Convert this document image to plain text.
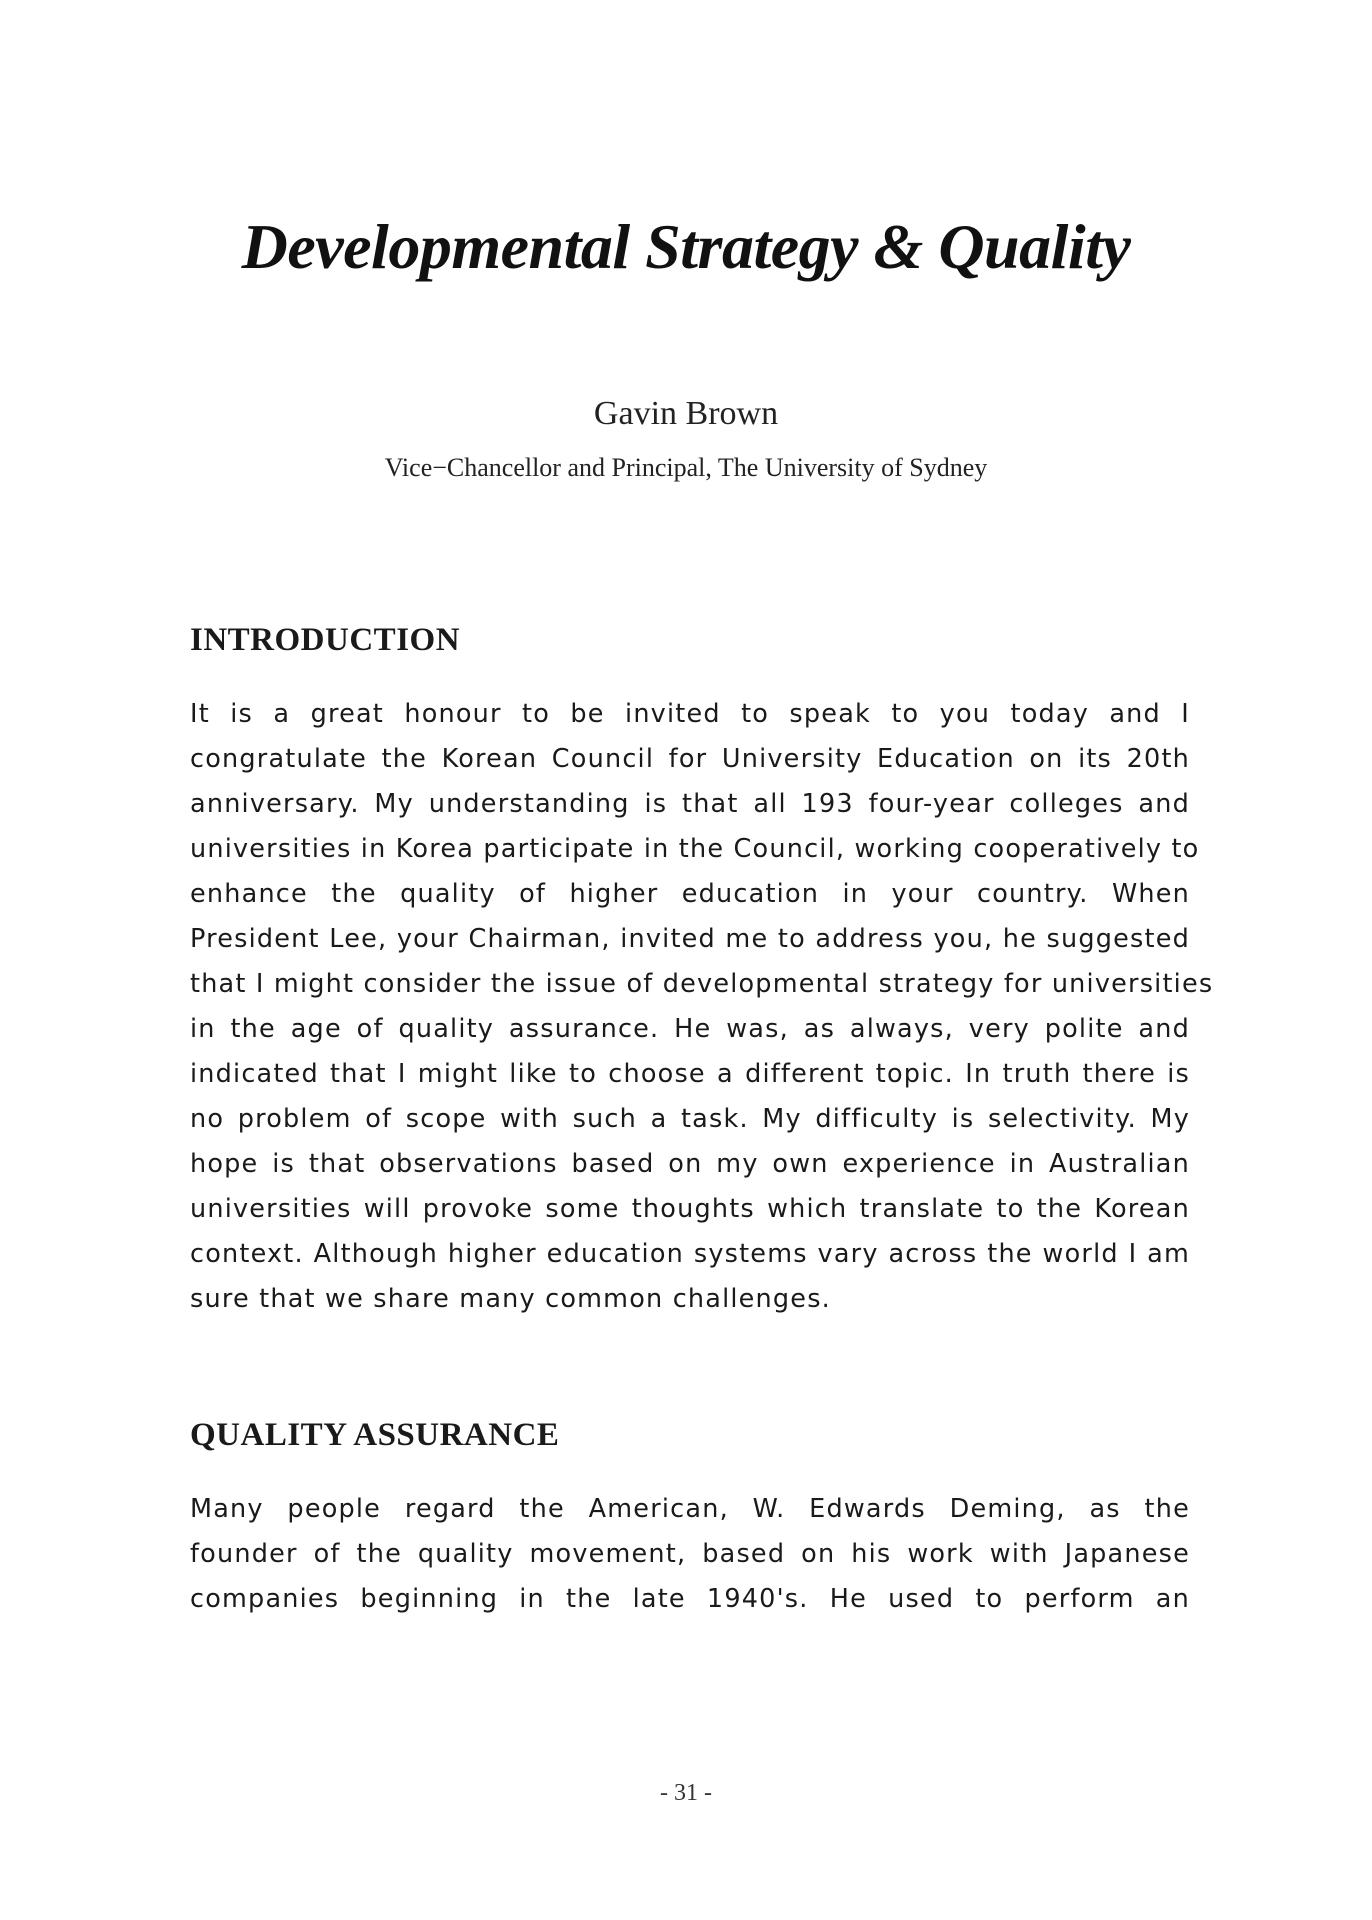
Developmental Strategy & Quality

Gavin Brown

Vice−Chancellor and Principal, The University of Sydney

INTRODUCTION
It is a great honour to be invited to speak to you today and I
congratulate the Korean Council for University Education on its 20th
anniversary. My understanding is that all 193 four-year colleges and
universities in Korea participate in the Council, working cooperatively to
enhance the quality of higher education in your country. When
President Lee, your Chairman, invited me to address you, he suggested
that I might consider the issue of developmental strategy for universities
in the age of quality assurance. He was, as always, very polite and
indicated that I might like to choose a different topic. In truth there is
no problem of scope with such a task. My difficulty is selectivity. My
hope is that observations based on my own experience in Australian
universities will provoke some thoughts which translate to the Korean
context. Although higher education systems vary across the world I am
sure that we share many common challenges.
QUALITY ASSURANCE
Many people regard the American, W. Edwards Deming, as the
founder of the quality movement, based on his work with Japanese
companies beginning in the late 1940's. He used to perform an

- 31 -
